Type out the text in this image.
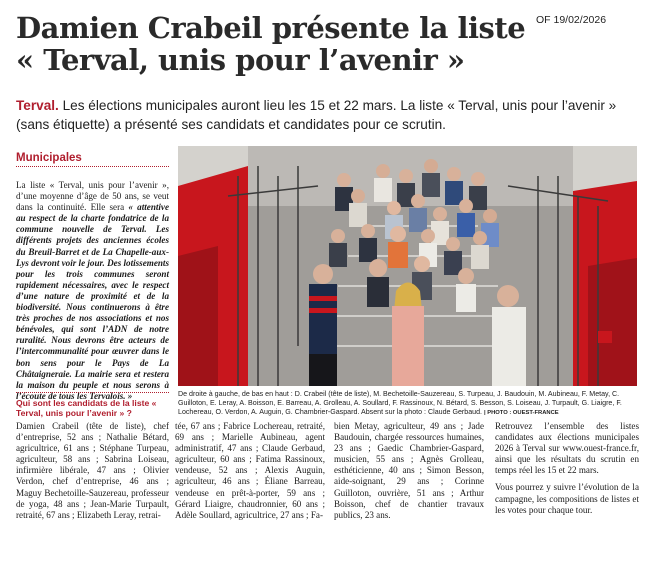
Damien Crabeil présente la liste
« Terval, unis pour l’avenir »
OF 19/02/2026

Terval. Les élections municipales auront lieu les 15 et 22 mars. La liste « Terval, unis pour l’avenir » (sans étiquette) a présenté ses candidats et candidates pour ce scrutin.

Municipales

La liste « Terval, unis pour l’avenir », d’une moyenne d’âge de 50 ans, se veut dans la continuité. Elle sera « attentive au respect de la charte fondatrice de la commune nouvelle de Terval. Les différents projets des anciennes écoles du Breuil-Barret et de La Chapelle-aux-Lys devront voir le jour. Des lotissements pour les trois communes seront rapidement nécessaires, avec le respect d’une nature de proximité et de la biodiversité. Nous continuerons à être très proches de nos associations et nos bénévoles, qui sont l’ADN de notre ruralité. Nous devrons être acteurs de l’intercommunalité pour œuvrer dans le bon sens pour le Pays de La Châtaigneraie. La mairie sera et restera la maison du peuple et nous serons à l’écoute de tous les Tervalois. »

Qui sont les candidats de la liste « Terval, unis pour l’avenir » ?

De droite à gauche, de bas en haut : D. Crabeil (tête de liste), M. Bechetoille-Sauzereau, S. Turpeau, J. Baudouin, M. Aubineau, F. Metay, C. Guilloton, E. Leray, A. Boisson, E. Barreau, A. Grolleau, A. Soullard, F. Rassinoux, N. Bétard, S. Besson, S. Loiseau, J. Turpault, G. Liaigre, F. Lochereau, O. Verdon, A. Auguin, G. Chambrier-Gaspard. Absent sur la photo : Claude Gerbaud. | PHOTO : OUEST-FRANCE

Damien Crabeil (tête de liste), chef d’entreprise, 52 ans ; Nathalie Bétard, agricultrice, 61 ans ; Stéphane Turpeau, agriculteur, 58 ans ; Sabrina Loiseau, infirmière libérale, 47 ans ; Olivier Verdon, chef d’entreprise, 46 ans ; Maguy Bechetoille-Sauzereau, professeur de yoga, 48 ans ; Jean-Marie Turpault, retraité, 67 ans ; Elizabeth Leray, retrai-

tée, 67 ans ; Fabrice Lochereau, retraité, 69 ans ; Marielle Aubineau, agent administratif, 47 ans ; Claude Gerbaud, agriculteur, 60 ans ; Fatima Rassinoux, vendeuse, 52 ans ; Alexis Auguin, agriculteur, 46 ans ; Éliane Barreau, vendeuse en prêt-à-porter, 59 ans ; Gérard Liaigre, chaudronnier, 60 ans ; Adèle Soullard, agricultrice, 27 ans ; Fa-

bien Metay, agriculteur, 49 ans ; Jade Baudouin, chargée ressources humaines, 23 ans ; Gaedic Chambrier-Gaspard, musicien, 55 ans ; Agnès Grolleau, esthéticienne, 40 ans ; Simon Besson, aide-soignant, 29 ans ; Corinne Guilloton, ouvrière, 51 ans ; Arthur Boisson, chef de chantier travaux publics, 23 ans.

Retrouvez l’ensemble des listes candidates aux élections municipales 2026 à Terval sur www.ouest-france.fr, ainsi que les résultats du scrutin en temps réel les 15 et 22 mars.

Vous pourrez y suivre l’évolution de la campagne, les compositions de listes et les votes pour chaque tour.
